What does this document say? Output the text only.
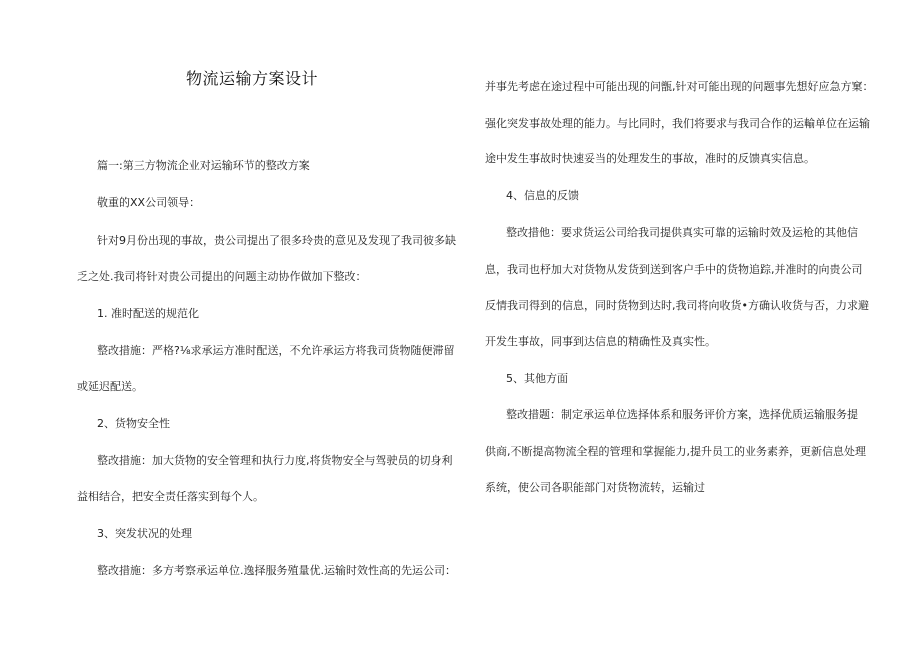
物流运输方案设计

篇一:第三方物流企业对运输环节的整改方案

敬重的XX公司领导：

针对9月份出现的事故，贵公司提出了很多玲贵的意见及发现了我司彼多缺

乏之处.我司将针对贵公司提出的问题主动协作做加下整改：

1. 准时配送的规范化

整改措施：严格?⅛求承运方准时配送，不允许承运方将我司货物随便滞留

或延迟配送。

2、货物安全性

整改措施：加大货物的安全管理和执行力度,将货物安全与驾驶员的切身利

益相结合，把安全责任落实到每个人。

3、突发状况的处理

整改措施：多方考察承运单位.逸择服务殖量优.运输时效性高的先运公司：

并事先考虑在途过程中可能出现的问甑,针对可能出现的问题事先想好应急方窠：

强化突发事故处理的能力。与比同时，我们将要求与我司合作的运輸单位在运输

途中发生事故时快速妥当的处理发生的事故，准时的反馈真实信息。

4、信息的反馈

整改措他：要求货运公司给我司提供真实可靠的运输时效及运枪的其他信

息，我司也杼加大对货物从发货到送到客户手中的货物追踪,并准时的向贵公司

反情我司得到的信息，同时货物到达时,我司将向收货•方确认收货与否，力求避

开发生事故，同事到达信息的精确性及真实性。

5、其他方面

整改措题：制定承运单位选择体系和服务评价方案，选择优质运输服务提

供商,不断提高物流全程的管理和掌握能力,提升员工的业务素养，更新信息处理

系统，使公司各职能部门对货物流转，运输过
